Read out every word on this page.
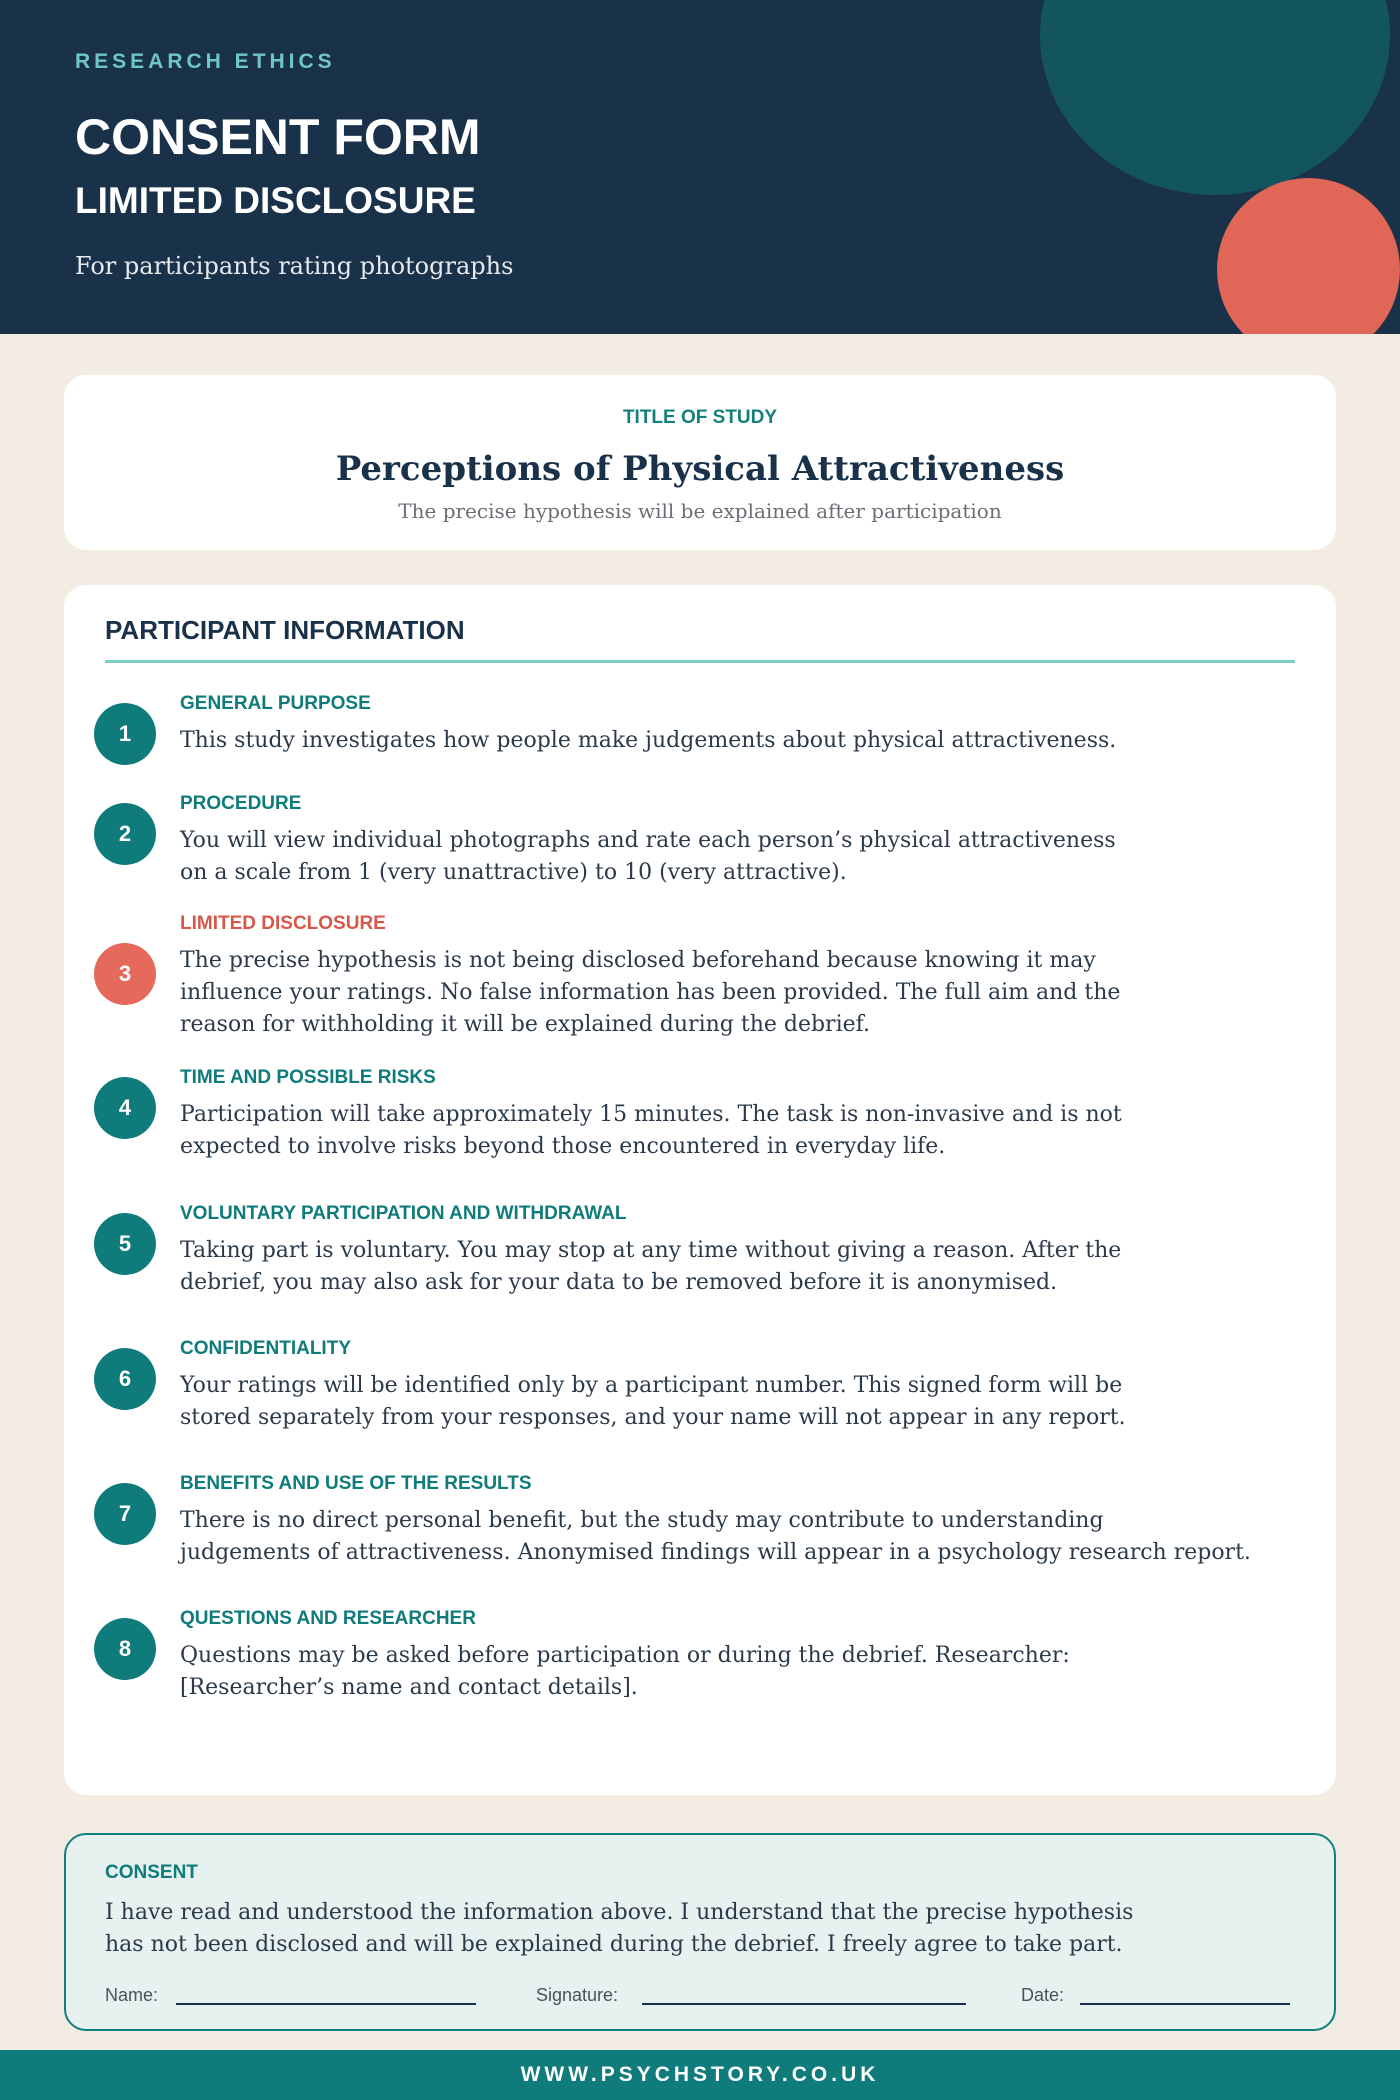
RESEARCH ETHICS
CONSENT FORM
LIMITED DISCLOSURE
For participants rating photographs
TITLE OF STUDY
Perceptions of Physical Attractiveness
The precise hypothesis will be explained after participation
PARTICIPANT INFORMATION
1
GENERAL PURPOSE
This study investigates how people make judgements about physical attractiveness.
2
PROCEDURE
You will view individual photographs and rate each person’s physical attractiveness
on a scale from 1 (very unattractive) to 10 (very attractive).
3
LIMITED DISCLOSURE
The precise hypothesis is not being disclosed beforehand because knowing it may
influence your ratings. No false information has been provided. The full aim and the
reason for withholding it will be explained during the debrief.
4
TIME AND POSSIBLE RISKS
Participation will take approximately 15 minutes. The task is non-invasive and is not
expected to involve risks beyond those encountered in everyday life.
5
VOLUNTARY PARTICIPATION AND WITHDRAWAL
Taking part is voluntary. You may stop at any time without giving a reason. After the
debrief, you may also ask for your data to be removed before it is anonymised.
6
CONFIDENTIALITY
Your ratings will be identified only by a participant number. This signed form will be
stored separately from your responses, and your name will not appear in any report.
7
BENEFITS AND USE OF THE RESULTS
There is no direct personal benefit, but the study may contribute to understanding
judgements of attractiveness. Anonymised findings will appear in a psychology research report.
8
QUESTIONS AND RESEARCHER
Questions may be asked before participation or during the debrief. Researcher:
[Researcher’s name and contact details].
CONSENT
I have read and understood the information above. I understand that the precise hypothesis
has not been disclosed and will be explained during the debrief. I freely agree to take part.
Name:	Signature:	Date:
WWW.PSYCHSTORY.CO.UK
